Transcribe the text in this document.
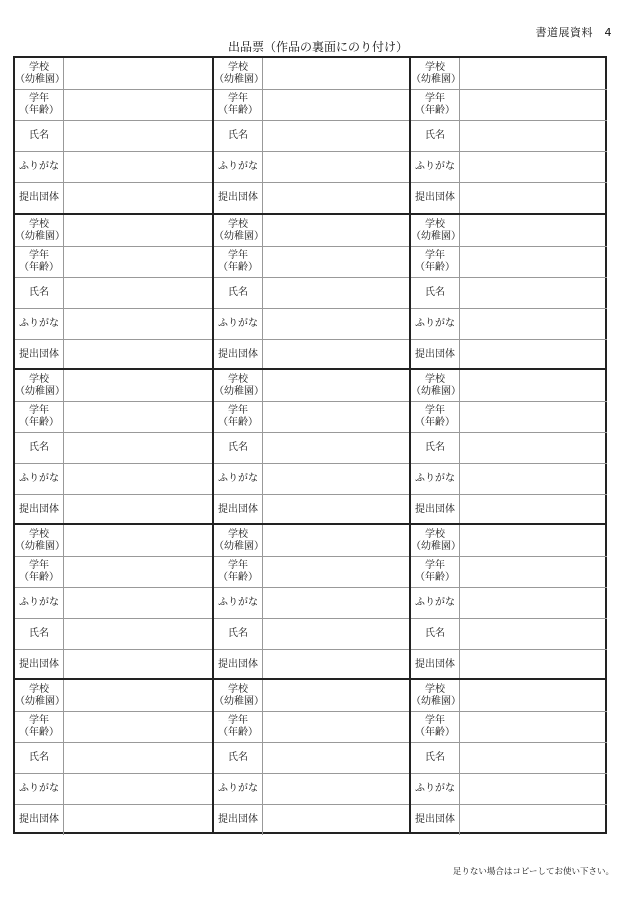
書道展資料　4
出品票（作品の裏面にのり付け）
学校
（幼稚園）
学年
（年齢）
氏名
ふりがな
提出団体
学校
（幼稚園）
学年
（年齢）
氏名
ふりがな
提出団体
学校
（幼稚園）
学年
（年齢）
氏名
ふりがな
提出団体
学校
（幼稚園）
学年
（年齢）
ふりがな
氏名
提出団体
学校
（幼稚園）
学年
（年齢）
氏名
ふりがな
提出団体
学校
（幼稚園）
学年
（年齢）
氏名
ふりがな
提出団体
学校
（幼稚園）
学年
（年齢）
氏名
ふりがな
提出団体
学校
（幼稚園）
学年
（年齢）
氏名
ふりがな
提出団体
学校
（幼稚園）
学年
（年齢）
ふりがな
氏名
提出団体
学校
（幼稚園）
学年
（年齢）
氏名
ふりがな
提出団体
学校
（幼稚園）
学年
（年齢）
氏名
ふりがな
提出団体
学校
（幼稚園）
学年
（年齢）
氏名
ふりがな
提出団体
学校
（幼稚園）
学年
（年齢）
氏名
ふりがな
提出団体
学校
（幼稚園）
学年
（年齢）
ふりがな
氏名
提出団体
学校
（幼稚園）
学年
（年齢）
氏名
ふりがな
提出団体
足りない場合はコピーしてお使い下さい。
